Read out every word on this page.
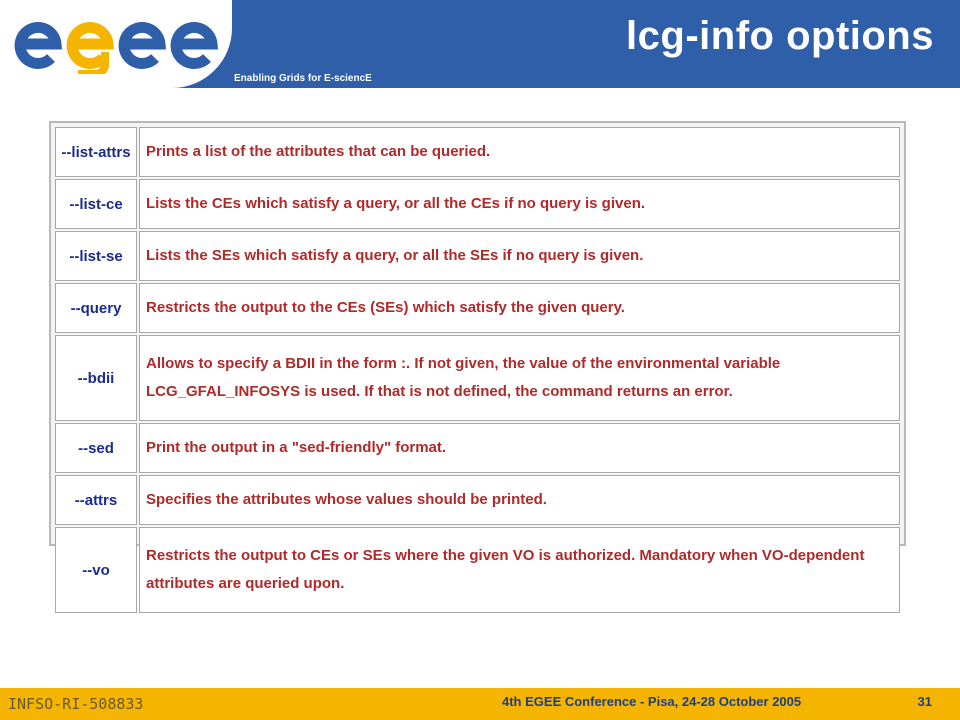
Enabling Grids for E-sciencE
lcg-info options
--list-attrs	Prints a list of the attributes that can be queried.
--list-ce	Lists the CEs which satisfy a query, or all the CEs if no query is given.
--list-se	Lists the SEs which satisfy a query, or all the SEs if no query is given.
--query	Restricts the output to the CEs (SEs) which satisfy the given query.
--bdii	Allows to specify a BDII in the form :. If not given, the value of the environmental variable LCG_GFAL_INFOSYS is used. If that is not defined, the command returns an error.
--sed	Print the output in a "sed-friendly" format.
--attrs	Specifies the attributes whose values should be printed.
--vo	Restricts the output to CEs or SEs where the given VO is authorized. Mandatory when VO-dependent attributes are queried upon.
INFSO-RI-508833	4th EGEE Conference - Pisa, 24-28 October 2005	31
